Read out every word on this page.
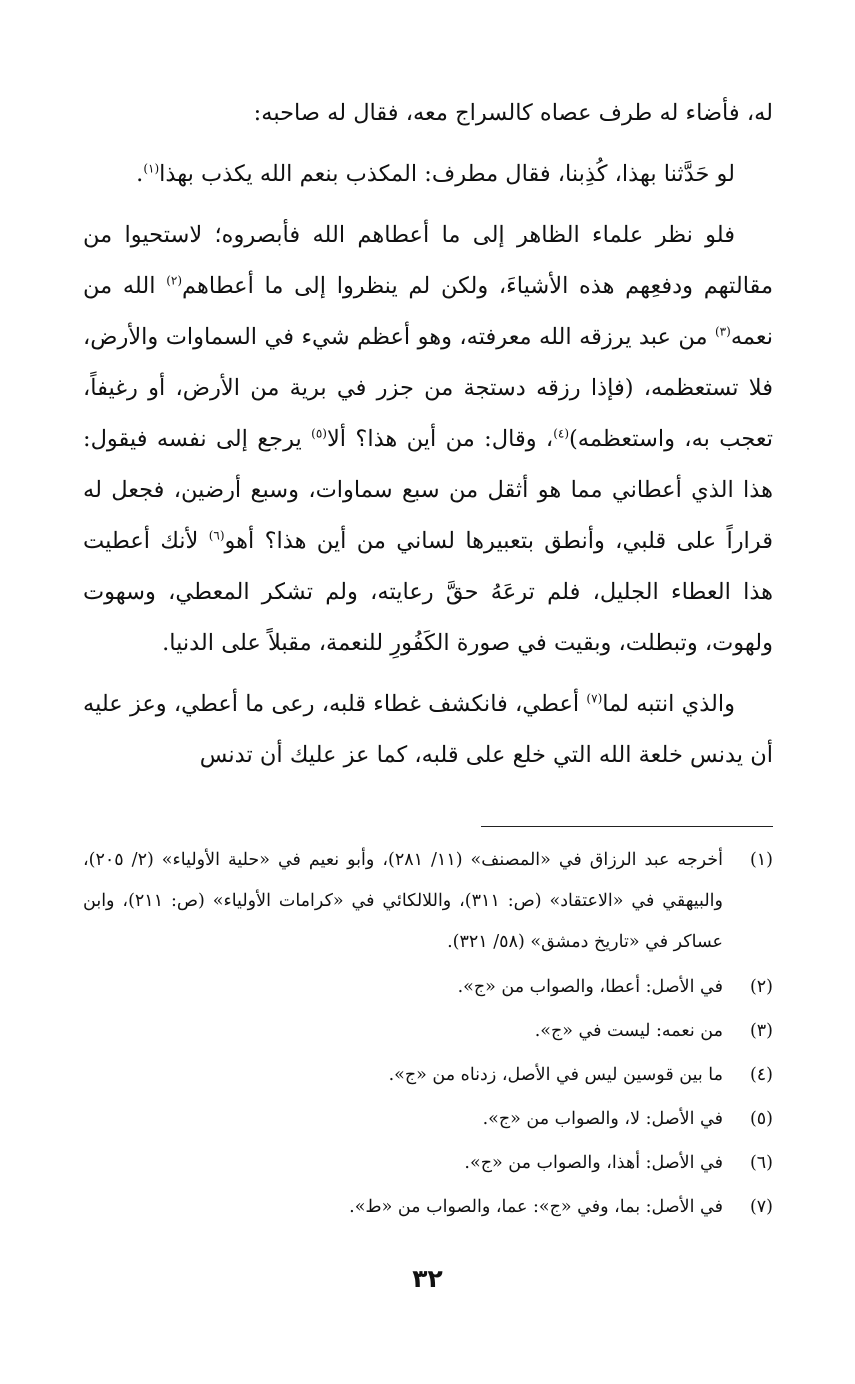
له، فأضاء له طرف عصاه كالسراج معه، فقال له صاحبه:

لو حَدَّثنا بهذا، كُذِبنا، فقال مطرف: المكذب بنعم الله يكذب بهذا$^{(١)}$.

فلو نظر علماء الظاهر إلى ما أعطاهم الله فأبصروه؛ لاستحيوا من مقالتهم ودفعِهم هذه الأشياءَ، ولكن لم ينظروا إلى ما أعطاهم$^{(٢)}$ الله من نعمه$^{(٣)}$ من عبد يرزقه الله معرفته، وهو أعظم شيء في السماوات والأرض، فلا تستعظمه، (فإذا رزقه دستجة من جزر في برية من الأرض، أو رغيفاً، تعجب به، واستعظمه)$^{(٤)}$، وقال: من أين هذا؟ ألا$^{(٥)}$ يرجع إلى نفسه فيقول: هذا الذي أعطاني مما هو أثقل من سبع سماوات، وسبع أرضين، فجعل له قراراً على قلبي، وأنطق بتعبيرها لساني من أين هذا؟ أهو$^{(٦)}$ لأنك أعطيت هذا العطاء الجليل، فلم ترعَهُ حقَّ رعايته، ولم تشكر المعطي، وسهوت ولهوت، وتبطلت، وبقيت في صورة الكَفُورِ للنعمة، مقبلاً على الدنيا.

والذي انتبه لما$^{(٧)}$ أعطي، فانكشف غطاء قلبه، رعى ما أعطي، وعز عليه أن يدنس خلعة الله التي خلع على قلبه، كما عز عليك أن تدنس

(١)
أخرجه عبد الرزاق في «المصنف» (١١/ ٢٨١)، وأبو نعيم في «حلية الأولياء» (٢/ ٢٠٥)، والبيهقي في «الاعتقاد» (ص: ٣١١)، واللالكائي في «كرامات الأولياء» (ص: ٢١١)، وابن عساكر في «تاريخ دمشق» (٥٨/ ٣٢١).
(٢)
في الأصل: أعطا، والصواب من «ج».
(٣)
من نعمه: ليست في «ج».
(٤)
ما بين قوسين ليس في الأصل، زدناه من «ج».
(٥)
في الأصل: لا، والصواب من «ج».
(٦)
في الأصل: أهذا، والصواب من «ج».
(٧)
في الأصل: بما، وفي «ج»: عما، والصواب من «ط».
٣٢
